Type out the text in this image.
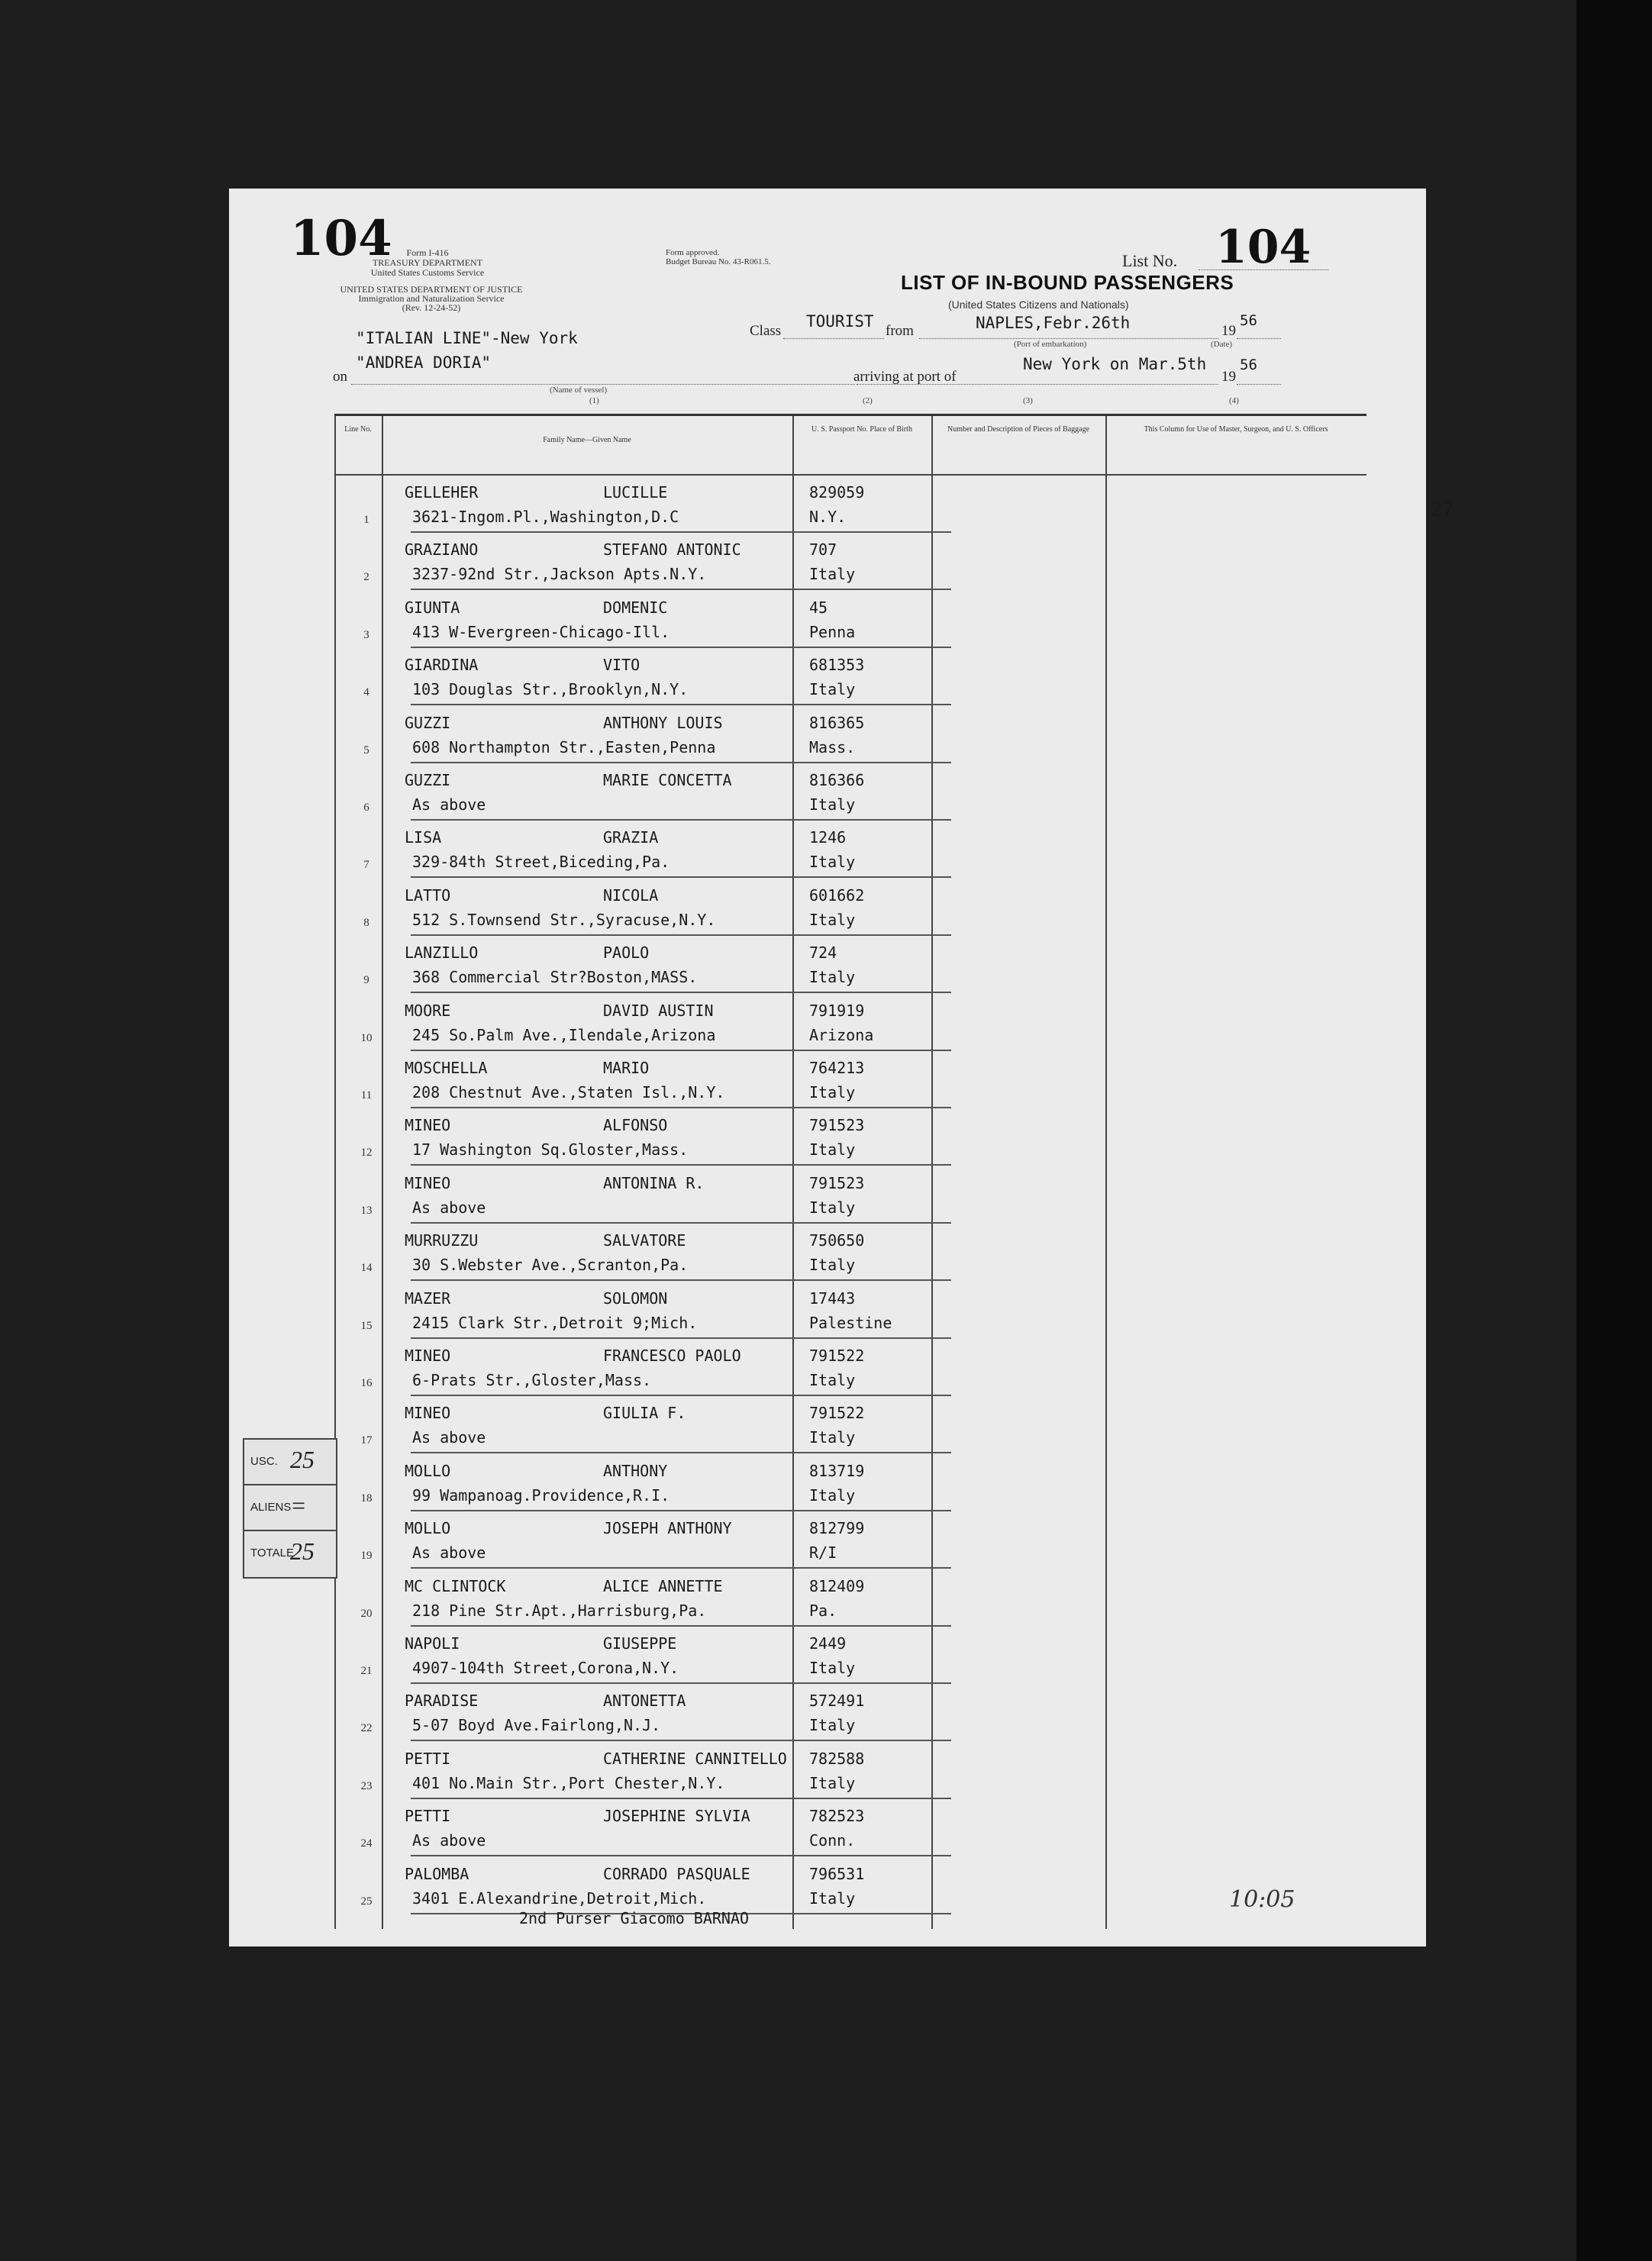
104	Form I-416
TREASURY DEPARTMENT
United States Customs Service
UNITED STATES DEPARTMENT OF JUSTICE
Immigration and Naturalization Service
(Rev. 12-24-52)
Form approved.
Budget Bureau No. 43-R061.5.	List No. 104
LIST OF IN-BOUND PASSENGERS
(United States Citizens and Nationals)
"ITALIAN LINE"-New York
on
"ANDREA DORIA"
(Name of vessel)
(1)
Class
TOURIST
from	NAPLES,Febr.26th	19
56
(Port of embarkation)	(Date)
arriving at port of
New York on Mar.5th
19
56
(2)	(3)	(4)
Line No.
Family Name—Given Name
U. S. Passport No. Place of Birth	Number and Description of Pieces of Baggage	This Column for Use of Master, Surgeon, and U. S. Officers
1
GELLEHER	LUCILLE
3621-Ingom.Pl.,Washington,D.C
829059
N.Y.	27
2
GRAZIANO	STEFANO ANTONIC
3237-92nd Str.,Jackson Apts.N.Y.
707
Italy
3
GIUNTA	DOMENIC
413 W-Evergreen-Chicago-Ill.
45
Penna
4
GIARDINA	VITO
103 Douglas Str.,Brooklyn,N.Y.
681353
Italy
5
GUZZI	ANTHONY LOUIS
608 Northampton Str.,Easten,Penna
816365
Mass.
6
GUZZI	MARIE CONCETTA
As above
816366
Italy
7
LISA	GRAZIA
329-84th Street,Biceding,Pa.
1246
Italy
8
LATTO	NICOLA
512 S.Townsend Str.,Syracuse,N.Y.
601662
Italy
9
LANZILLO	PAOLO
368 Commercial Str?Boston,MASS.
724
Italy
10
MOORE	DAVID AUSTIN
245 So.Palm Ave.,Ilendale,Arizona
791919
Arizona
11
MOSCHELLA	MARIO
208 Chestnut Ave.,Staten Isl.,N.Y.
764213
Italy
12
MINEO	ALFONSO
17 Washington Sq.Gloster,Mass.
791523
Italy
13
MINEO	ANTONINA R.
As above
791523
Italy
14
MURRUZZU	SALVATORE
30 S.Webster Ave.,Scranton,Pa.
750650
Italy
15
MAZER	SOLOMON
2415 Clark Str.,Detroit 9;Mich.
17443
Palestine
16
MINEO	FRANCESCO PAOLO
6-Prats Str.,Gloster,Mass.
791522
Italy
17
MINEO	GIULIA F.
As above
791522
Italy
18
MOLLO	ANTHONY
99 Wampanoag.Providence,R.I.
813719
Italy
19
MOLLO	JOSEPH ANTHONY
As above
812799
R/I
20
MC CLINTOCK	ALICE ANNETTE
218 Pine Str.Apt.,Harrisburg,Pa.
812409
Pa.
21
NAPOLI	GIUSEPPE
4907-104th Street,Corona,N.Y.
2449
Italy
22
PARADISE	ANTONETTA
5-07 Boyd Ave.Fairlong,N.J.
572491
Italy
23
PETTI	CATHERINE CANNITELLO
401 No.Main Str.,Port Chester,N.Y.
782588
Italy
24
PETTI	JOSEPHINE SYLVIA
As above
782523
Conn.
25
PALOMBA	CORRADO PASQUALE
3401 E.Alexandrine,Detroit,Mich.
796531
Italy
2nd Purser Giacomo BARNAO
10:05
USC. 25
ALIENS
=
TOTALE
25
